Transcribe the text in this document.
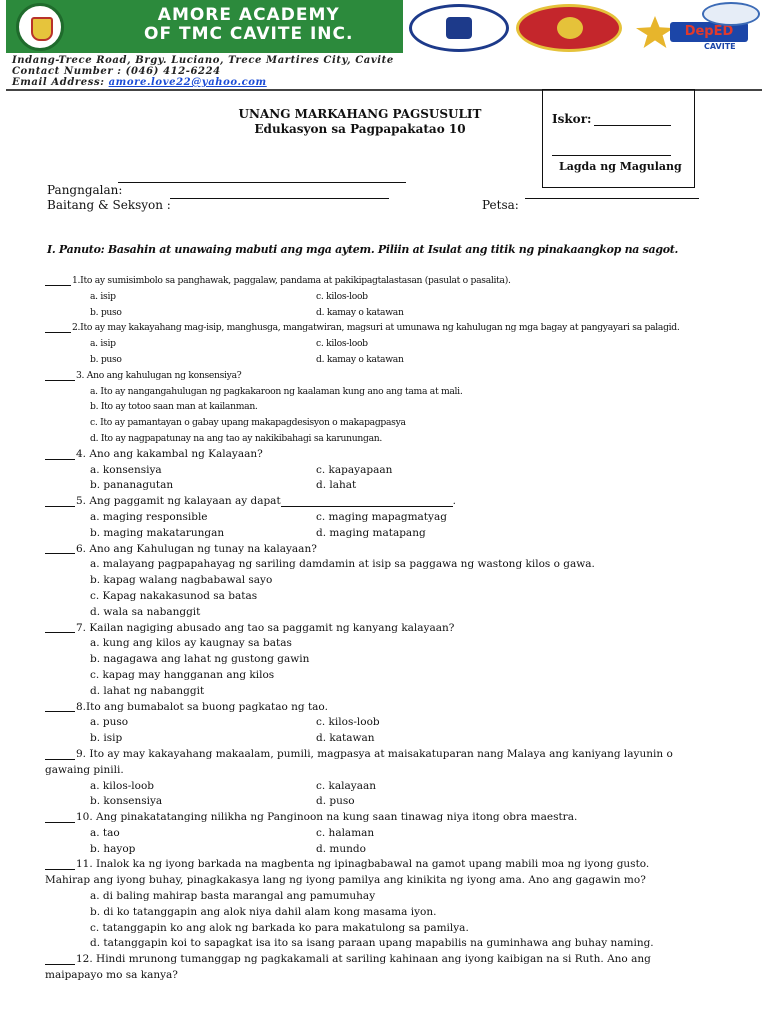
AMORE ACADEMY
OF TMC CAVITE INC.	DepED
CAVITE
Indang-Trece Road, Brgy. Luciano, Trece Martires City, Cavite
Contact Number : (046) 412-6224
Email Address: amore.love22@yahoo.com
UNANG MARKAHANG PAGSUSULIT
Edukasyon sa Pagpapakatao 10
Iskor:
Lagda ng Magulang
Pangngalan:
Baitang & Seksyon :	Petsa:
I. Panuto: Basahin at unawaing mabuti ang mga aytem. Piliin at Isulat ang titik ng pinakaangkop na sagot.
1. Ito ay sumisimbolo sa panghawak, paggalaw, pandama at pakikipagtalastasan (pasulat o pasalita).
a. isip	c. kilos-loob
b. puso	d. kamay o katawan
2. Ito ay may kakayahang mag-isip, manghusga, mangatwiran, magsuri at umunawa ng kahulugan ng mga bagay at pangyayari sa palagid.
a. isip	c. kilos-loob
b. puso	d. kamay o katawan
3.
Ano ang kahulugan ng konsensiya?
a. Ito ay nangangahulugan ng pagkakaroon ng kaalaman kung ano ang tama at mali.
b. Ito ay totoo saan man at kailanman.
c. Ito ay pamantayan o gabay upang makapagdesisyon o makapagpasya
d. Ito ay nagpapatunay na ang tao ay nakikibahagi sa karunungan.
4.
Ano ang kakambal ng Kalayaan?
a. konsensiya	c. kapayapaan
b. pananagutan	d. lahat
5.
Ang paggamit ng kalayaan ay dapat	.
a. maging responsible	c. maging mapagmatyag
b. maging makatarungan	d. maging matapang
6.
Ano ang Kahulugan ng tunay na kalayaan?
a. malayang pagpapahayag ng sariling damdamin at isip sa paggawa ng wastong kilos o gawa.
b. kapag walang nagbabawal sayo
c. Kapag nakakasunod sa batas
d. wala sa nabanggit
7.
Kailan nagiging abusado ang tao sa paggamit ng kanyang kalayaan?
a. kung ang kilos ay kaugnay sa batas
b. nagagawa ang lahat ng gustong gawin
c. kapag may hangganan ang kilos
d. lahat ng nabanggit
8. Ito ang bumabalot sa buong pagkatao ng tao.
a. puso	c. kilos-loob
b. isip	d. katawan
9.
Ito ay may kakayahang makaalam, pumili, magpasya at maisakatuparan nang Malaya ang kaniyang layunin o
gawaing pinili.
a. kilos-loob	c. kalayaan
b. konsensiya	d. puso
10.
Ang pinakatatanging nilikha ng Panginoon na kung saan tinawag niya itong obra maestra.
a. tao	c. halaman
b. hayop	d. mundo
11.
Inalok ka ng iyong barkada na magbenta ng ipinagbabawal na gamot upang mabili moa ng iyong gusto.
Mahirap ang iyong buhay, pinagkakasya lang ng iyong pamilya ang kinikita ng iyong ama. Ano ang gagawin mo?
a. di baling mahirap basta marangal ang pamumuhay
b. di ko tatanggapin ang alok niya dahil alam kong masama iyon.
c. tatanggapin ko ang alok ng barkada ko para makatulong sa pamilya.
d. tatanggapin koi to sapagkat isa ito sa isang paraan upang mapabilis na guminhawa ang buhay naming.
12.
Hindi mrunong tumanggap ng pagkakamali at sariling kahinaan ang iyong kaibigan na si Ruth. Ano ang
maipapayo mo sa kanya?
